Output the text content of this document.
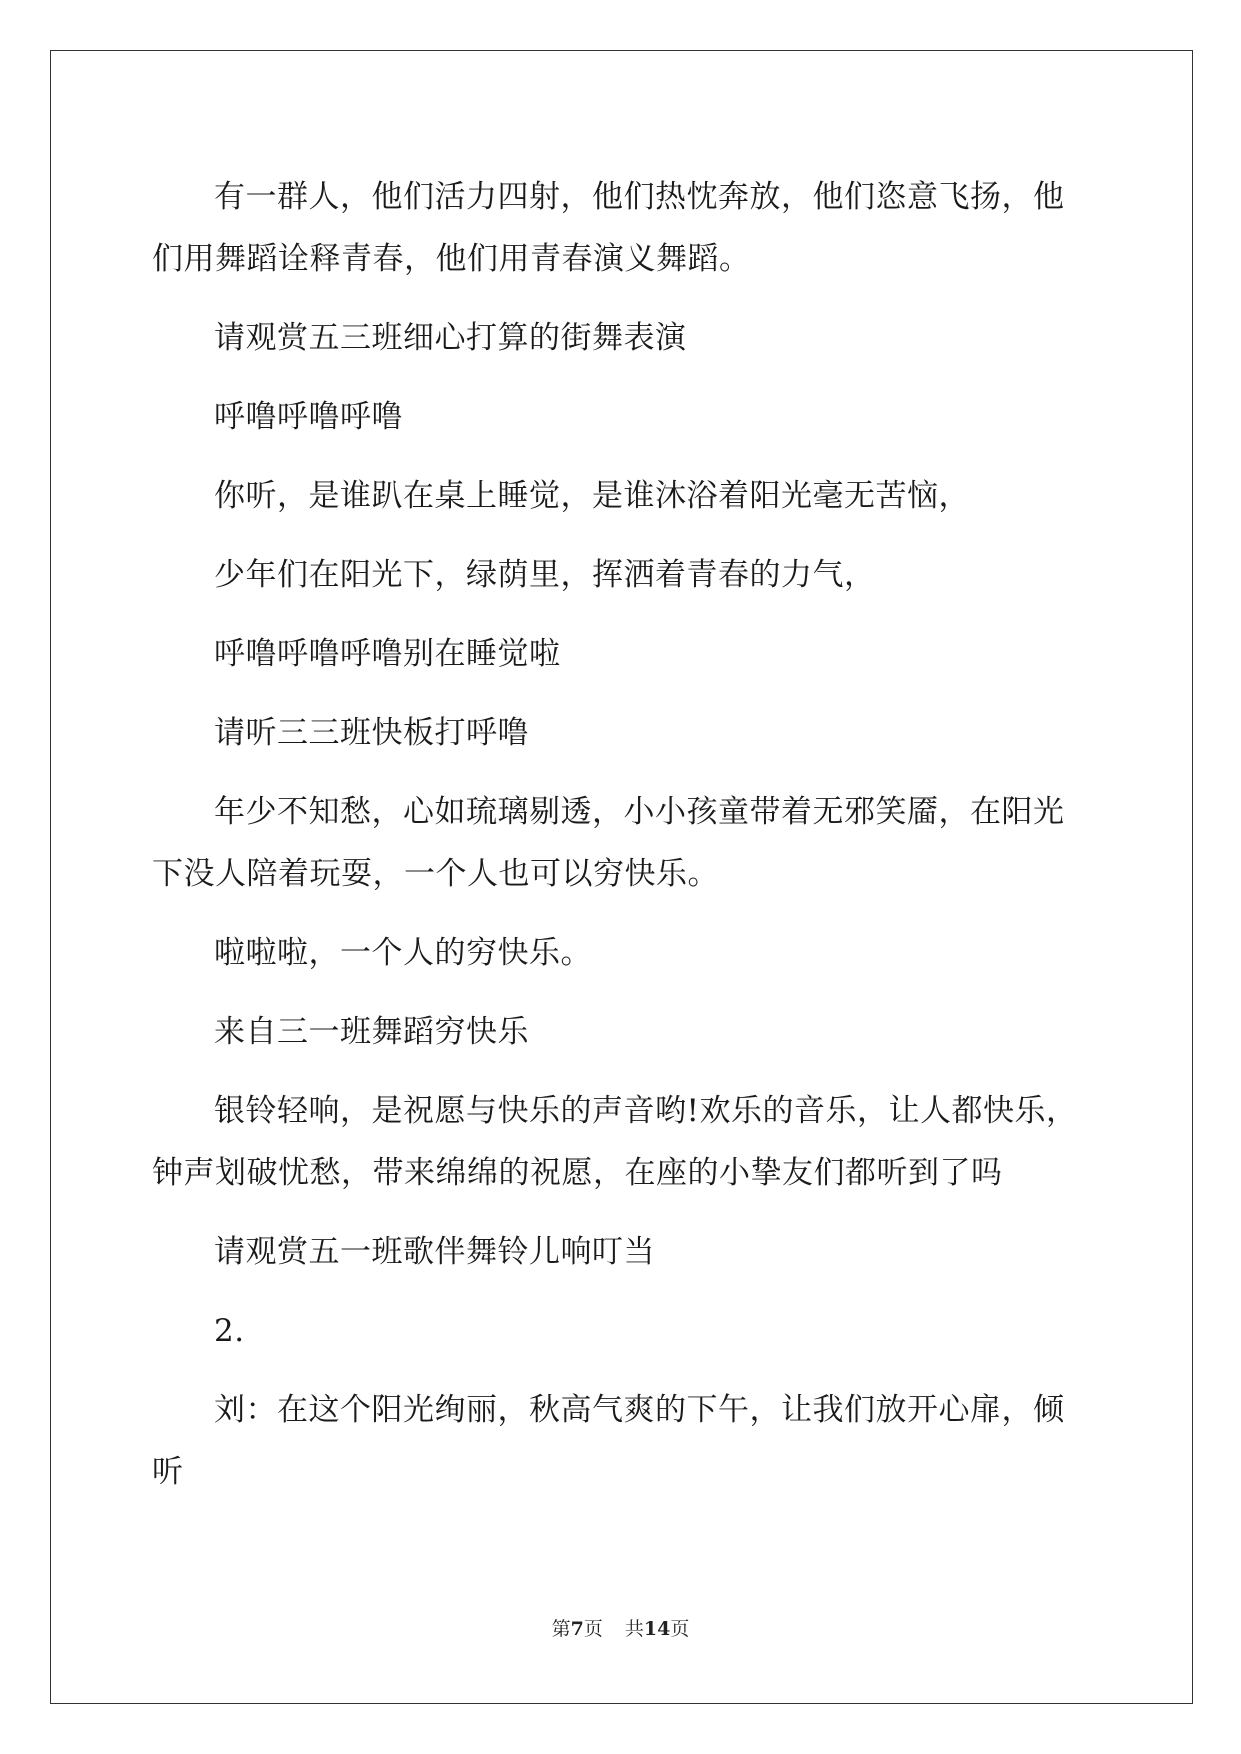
有一群人，他们活力四射，他们热忱奔放，他们恣意飞扬，他们用舞蹈诠释青春，他们用青春演义舞蹈。

请观赏五三班细心打算的街舞表演

呼噜呼噜呼噜

你听，是谁趴在桌上睡觉，是谁沐浴着阳光毫无苦恼，

少年们在阳光下，绿荫里，挥洒着青春的力气，

呼噜呼噜呼噜别在睡觉啦

请听三三班快板打呼噜

年少不知愁，心如琉璃剔透，小小孩童带着无邪笑靥，在阳光下没人陪着玩耍，一个人也可以穷快乐。

啦啦啦，一个人的穷快乐。

来自三一班舞蹈穷快乐

银铃轻响，是祝愿与快乐的声音哟!欢乐的音乐，让人都快乐，钟声划破忧愁，带来绵绵的祝愿，在座的小挚友们都听到了吗

请观赏五一班歌伴舞铃儿响叮当

2.

刘：在这个阳光绚丽，秋高气爽的下午，让我们放开心扉，倾听

第7页 共14页
